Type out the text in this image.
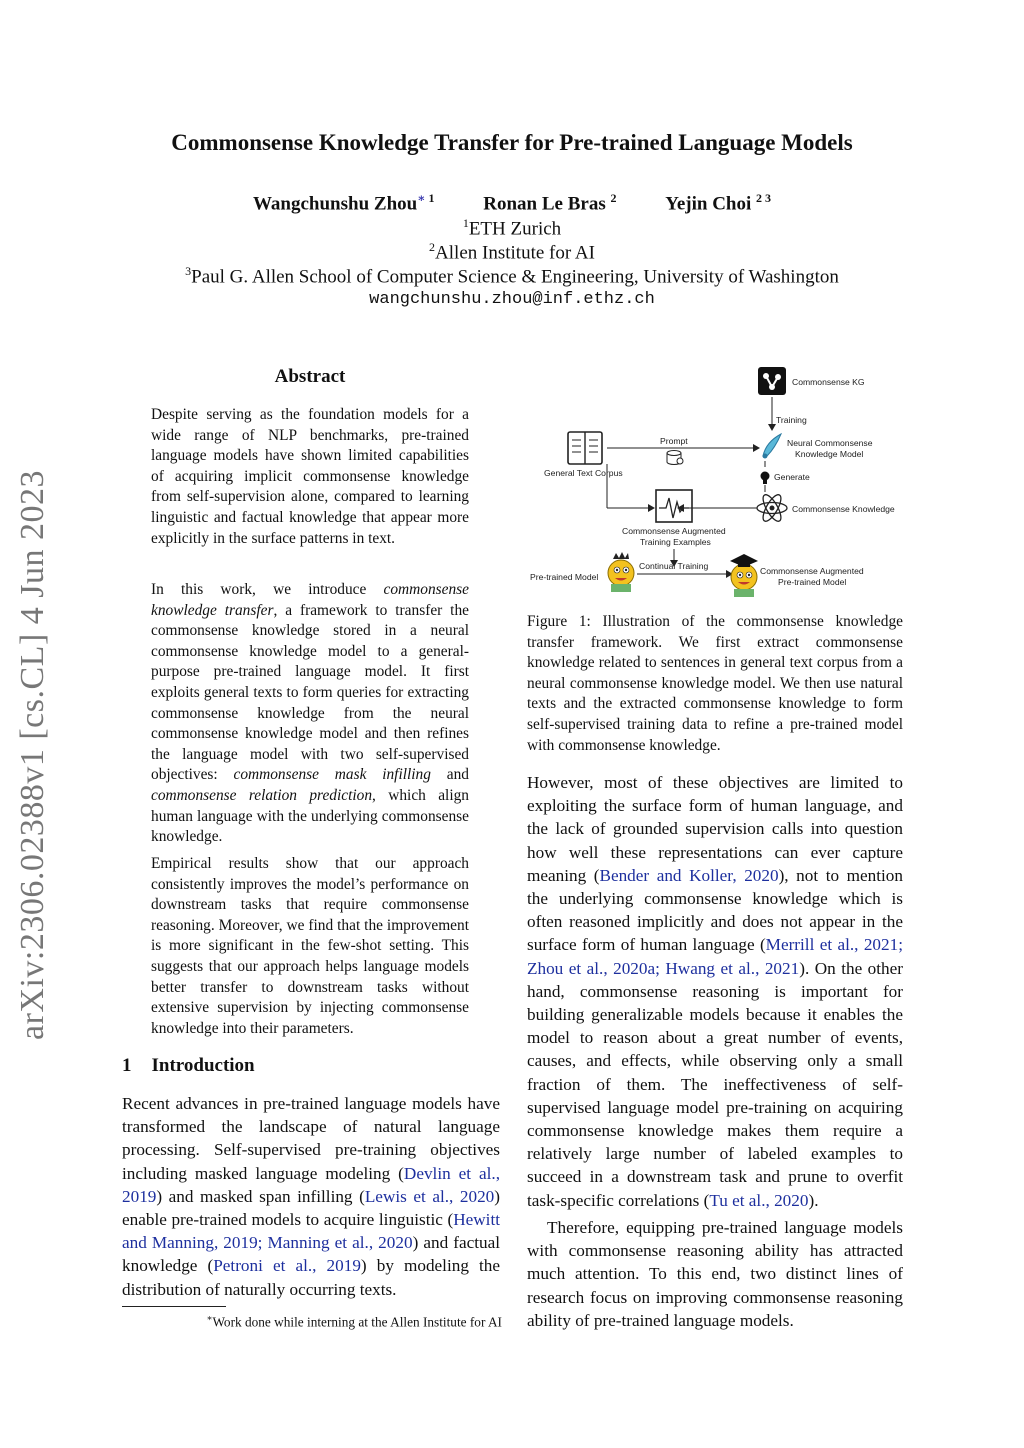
Commonsense Knowledge Transfer for Pre-trained Language Models
Wangchunshu Zhou$^{∗ 1}$	Ronan Le Bras $^2$	Yejin Choi $^{2 3}$
$^1$ETH Zurich
$^2$Allen Institute for AI
$^3$Paul G. Allen School of Computer Science & Engineering, University of Washington
wangchunshu.zhou@inf.ethz.ch
arXiv:2306.02388v1 [cs.CL] 4 Jun 2023
Abstract

Despite serving as the foundation models for a wide range of NLP benchmarks, pre-trained language models have shown limited capabilities of acquiring implicit commonsense knowledge from self-supervision alone, compared to learning linguistic and factual knowledge that appear more explicitly in the surface patterns in text.

In this work, we introduce commonsense knowledge transfer, a framework to transfer the commonsense knowledge stored in a neural commonsense knowledge model to a general-purpose pre-trained language model. It first exploits general texts to form queries for extracting commonsense knowledge from the neural commonsense knowledge model and then refines the language model with two self-supervised objectives: commonsense mask infilling and commonsense relation prediction, which align human language with the underlying commonsense knowledge.

Empirical results show that our approach consistently improves the model’s performance on downstream tasks that require commonsense reasoning. Moreover, we find that the improvement is more significant in the few-shot setting. This suggests that our approach helps language models better transfer to downstream tasks without extensive supervision by injecting commonsense knowledge into their parameters.

1 Introduction

Recent advances in pre-trained language models have transformed the landscape of natural language processing. Self-supervised pre-training objectives including masked language modeling (Devlin et al., 2019) and masked span infilling (Lewis et al., 2020) enable pre-trained models to acquire linguistic (Hewitt and Manning, 2019; Manning et al., 2020) and factual knowledge (Petroni et al., 2019) by modeling the distribution of naturally occurring texts.

∗Work done while interning at the Allen Institute for AI
Commonsense KG
Training
General Text Corpus
Prompt	Neural Commonsense
Knowledge Model
Generate
Commonsense Knowledge
Commonsense Augmented
Training Examples
Pre-trained Model
Continual Training	Commonsense Augmented
Pre-trained Model
Figure 1: Illustration of the commonsense knowledge transfer framework. We first extract commonsense knowledge related to sentences in general text corpus from a neural commonsense knowledge model. We then use natural texts and the extracted commonsense knowledge to form self-supervised training data to refine a pre-trained model with commonsense knowledge.

However, most of these objectives are limited to exploiting the surface form of human language, and the lack of grounded supervision calls into question how well these representations can ever capture meaning (Bender and Koller, 2020), not to mention the underlying commonsense knowledge which is often reasoned implicitly and does not appear in the surface form of human language (Merrill et al., 2021; Zhou et al., 2020a; Hwang et al., 2021). On the other hand, commonsense reasoning is important for building generalizable models because it enables the model to reason about a great number of events, causes, and effects, while observing only a small fraction of them. The ineffectiveness of self-supervised language model pre-training on acquiring commonsense knowledge makes them require a relatively large number of labeled examples to succeed in a downstream task and prune to overfit task-specific correlations (Tu et al., 2020).

Therefore, equipping pre-trained language models with commonsense reasoning ability has attracted much attention. To this end, two distinct lines of research focus on improving commonsense reasoning ability of pre-trained language models.
